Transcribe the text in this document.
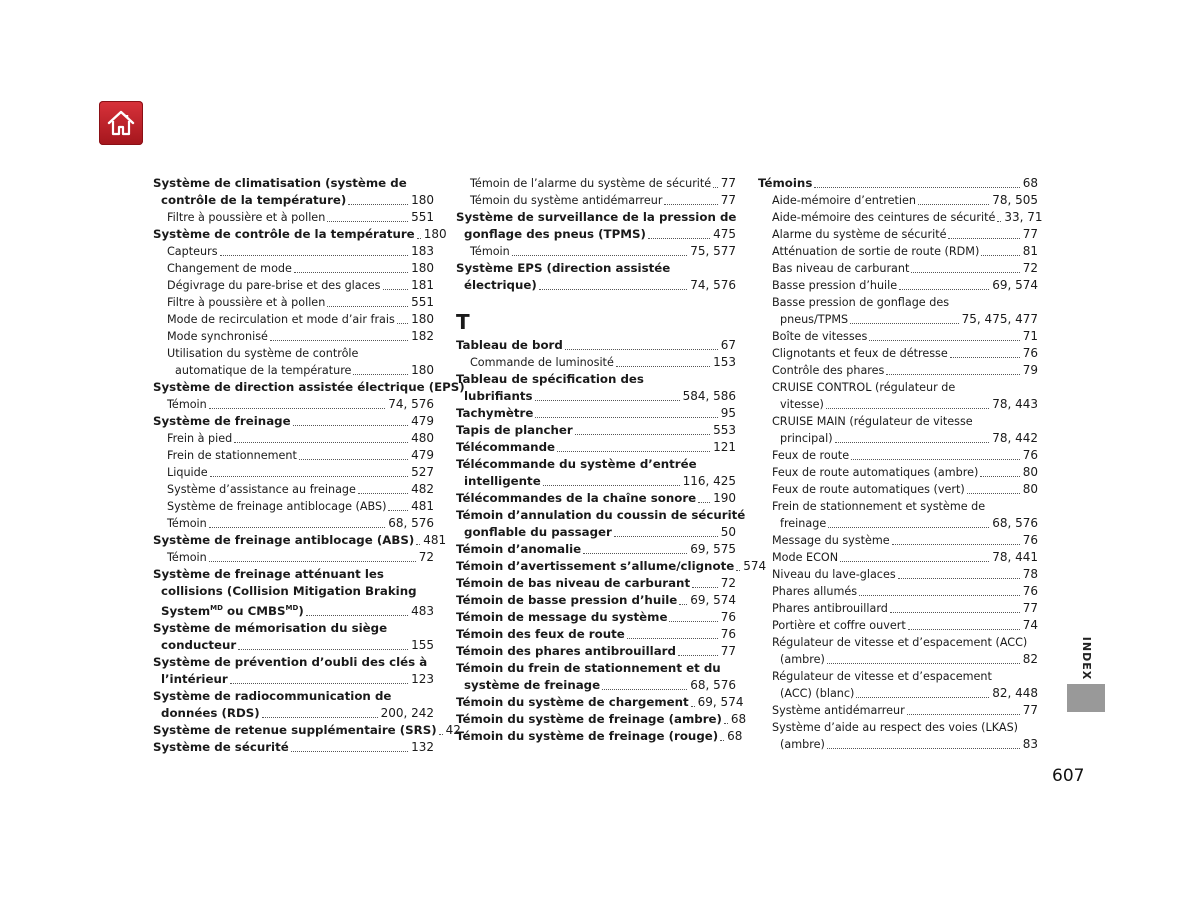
Système de climatisation (système de
contrôle de la température)	180
Filtre à poussière et à pollen	551
Système de contrôle de la température 180
Capteurs	183
Changement de mode	180
Dégivrage du pare-brise et des glaces	181
Filtre à poussière et à pollen	551
Mode de recirculation et mode d’air frais 180
Mode synchronisé	182
Utilisation du système de contrôle
automatique de la température	180
Système de direction assistée électrique (EPS)
Témoin	74, 576
Système de freinage	479
Frein à pied	480
Frein de stationnement	479
Liquide	527
Système d’assistance au freinage	482
Système de freinage antiblocage (ABS) 481
Témoin	68, 576
Système de freinage antiblocage (ABS) 481
Témoin	72
Système de freinage atténuant les
collisions (Collision Mitigation Braking
System$^{MD}$ ou $CMBS^{MD}$)	483
Système de mémorisation du siège
conducteur	155
Système de prévention d’oubli des clés à
l’intérieur	123
Système de radiocommunication de
données (RDS)	200, 242
Système de retenue supplémentaire (SRS) 42
Système de sécurité	132
Témoin de l’alarme du système de sécurité 77
Témoin du système antidémarreur	77
Système de surveillance de la pression de
gonflage des pneus (TPMS)	475
Témoin	75, 577
Système EPS (direction assistée
électrique)	74, 576
T
Tableau de bord	67
Commande de luminosité	153
Tableau de spécification des
lubrifiants	584, 586
Tachymètre	95
Tapis de plancher	553
Télécommande	121
Télécommande du système d’entrée
intelligente	116, 425
Télécommandes de la chaîne sonore 190
Témoin d’annulation du coussin de sécurité
gonflable du passager	50
Témoin d’anomalie	69, 575
Témoin d’avertissement s’allume/clignote 574
Témoin de bas niveau de carburant	72
Témoin de basse pression d’huile 69, 574
Témoin de message du système	76
Témoin des feux de route	76
Témoin des phares antibrouillard	77
Témoin du frein de stationnement et du
système de freinage	68, 576
Témoin du système de chargement 69, 574
Témoin du système de freinage (ambre) 68
Témoin du système de freinage (rouge) 68
Témoins	68
Aide-mémoire d’entretien	78, 505
Aide-mémoire des ceintures de sécurité 33, 71
Alarme du système de sécurité	77
Atténuation de sortie de route (RDM)	81
Bas niveau de carburant	72
Basse pression d’huile	69, 574
Basse pression de gonflage des
pneus/TPMS	75, 475, 477
Boîte de vitesses	71
Clignotants et feux de détresse	76
Contrôle des phares	79
CRUISE CONTROL (régulateur de
vitesse)	78, 443
CRUISE MAIN (régulateur de vitesse
principal)	78, 442
Feux de route	76
Feux de route automatiques (ambre)	80
Feux de route automatiques (vert)	80
Frein de stationnement et système de
freinage	68, 576
Message du système	76
Mode ECON	78, 441
Niveau du lave-glaces	78
Phares allumés	76
Phares antibrouillard	77
Portière et coffre ouvert	74
Régulateur de vitesse et d’espacement (ACC)
(ambre)	82
Régulateur de vitesse et d’espacement
(ACC) (blanc)	82, 448
Système antidémarreur	77
Système d’aide au respect des voies (LKAS)
(ambre)	83
INDEX
607
